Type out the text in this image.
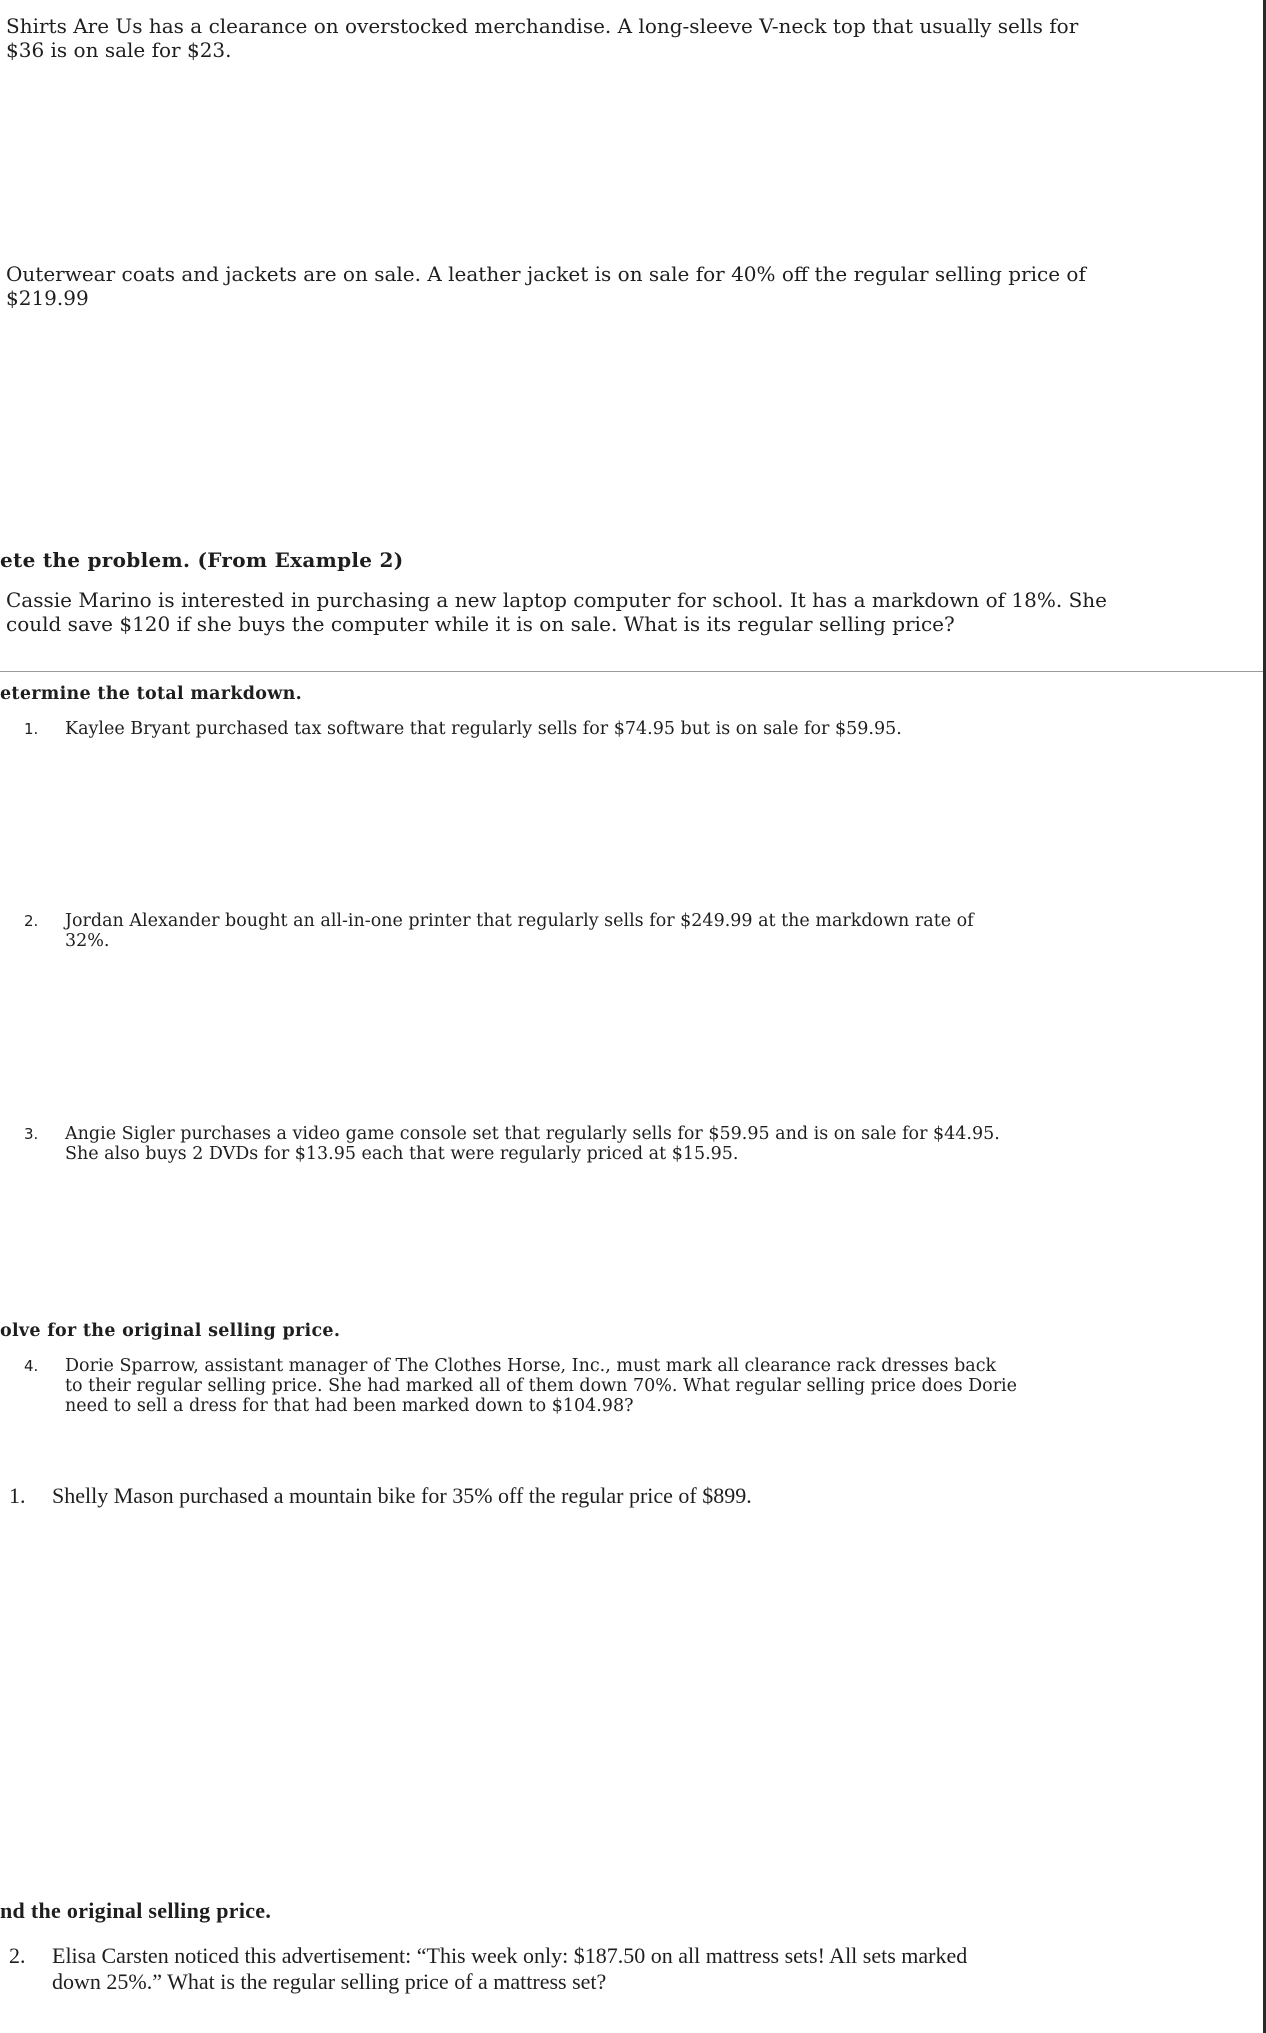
Shirts Are Us has a clearance on overstocked merchandise. A long-sleeve V-neck top that usually sells for
$36 is on sale for $23.

Outerwear coats and jackets are on sale. A leather jacket is on sale for 40% off the regular selling price of
$219.99

ete the problem. (From Example 2)

Cassie Marino is interested in purchasing a new laptop computer for school. It has a markdown of 18%. She
could save $120 if she buys the computer while it is on sale. What is its regular selling price?

etermine the total markdown.
1. Kaylee Bryant purchased tax software that regularly sells for $74.95 but is on sale for $59.95.

2. Jordan Alexander bought an all-in-one printer that regularly sells for $249.99 at the markdown rate of
32%.

3. Angie Sigler purchases a video game console set that regularly sells for $59.95 and is on sale for $44.95.
She also buys 2 DVDs for $13.95 each that were regularly priced at $15.95.

olve for the original selling price.
4. Dorie Sparrow, assistant manager of The Clothes Horse, Inc., must mark all clearance rack dresses back
to their regular selling price. She had marked all of them down 70%. What regular selling price does Dorie
need to sell a dress for that had been marked down to $104.98?

1. Shelly Mason purchased a mountain bike for 35% off the regular price of $899.

nd the original selling price.
2. Elisa Carsten noticed this advertisement: “This week only: $187.50 on all mattress sets! All sets marked
down 25%.” What is the regular selling price of a mattress set?
